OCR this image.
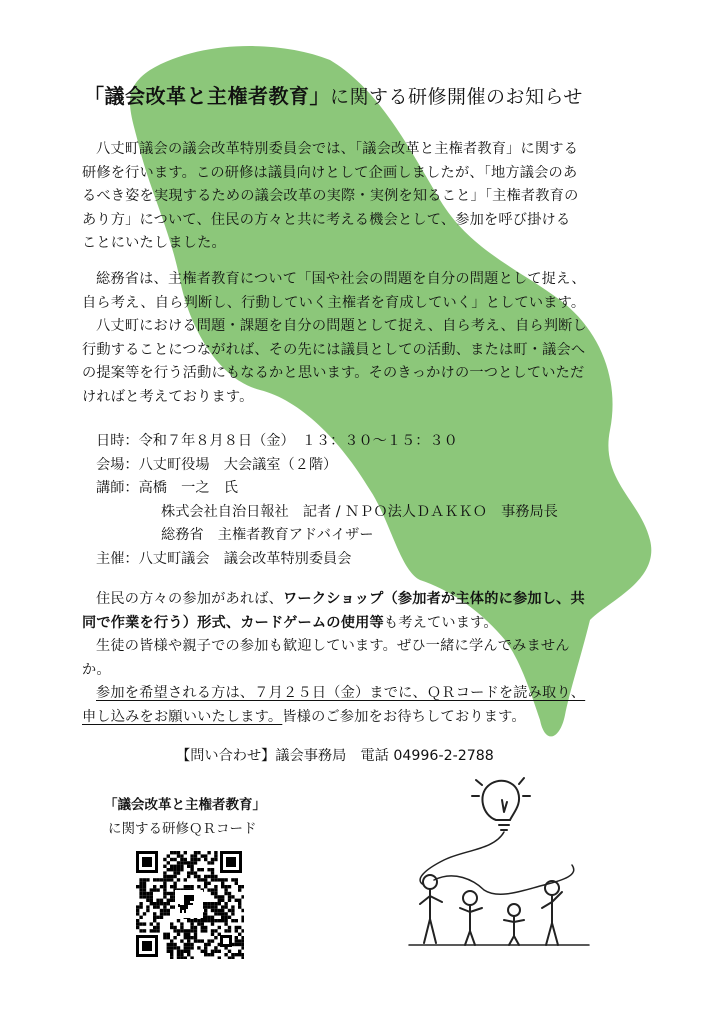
「議会改革と主権者教育」に関する研修開催のお知らせ
八丈町議会の議会改革特別委員会では、「議会改革と主権者教育」に関する
研修を行います。この研修は議員向けとして企画しましたが、「地方議会のあ
るべき姿を実現するための議会改革の実際・実例を知ること」「主権者教育の
あり方」について、住民の方々と共に考える機会として、参加を呼び掛ける
ことにいたしました。
総務省は、主権者教育について「国や社会の問題を自分の問題として捉え、
自ら考え、自ら判断し、行動していく主権者を育成していく」としています。
八丈町における問題・課題を自分の問題として捉え、自ら考え、自ら判断し
行動することにつながれば、その先には議員としての活動、または町・議会へ
の提案等を行う活動にもなるかと思います。そのきっかけの一つとしていただ
ければと考えております。
日時：令和７年８月８日（金）　１３：３０〜１５：３０
会場：八丈町役場　大会議室（２階）
講師：高橋　一之　氏
株式会社自治日報社　記者 / ＮＰＯ法人ＤＡＫＫＯ　事務局長
総務省　主権者教育アドバイザー
主催：八丈町議会　議会改革特別委員会
住民の方々の参加があれば、ワークショップ（参加者が主体的に参加し、共
同で作業を行う）形式、カードゲームの使用等も考えています。
生徒の皆様や親子での参加も歓迎しています。ぜひ一緒に学んでみません
か。
参加を希望される方は、７月２５日（金）までに、ＱＲコードを読み取り、
申し込みをお願いいたします。皆様のご参加をお待ちしております。
【問い合わせ】議会事務局　電話 04996-2-2788
「議会改革と主権者教育」
に関する研修ＱＲコード
